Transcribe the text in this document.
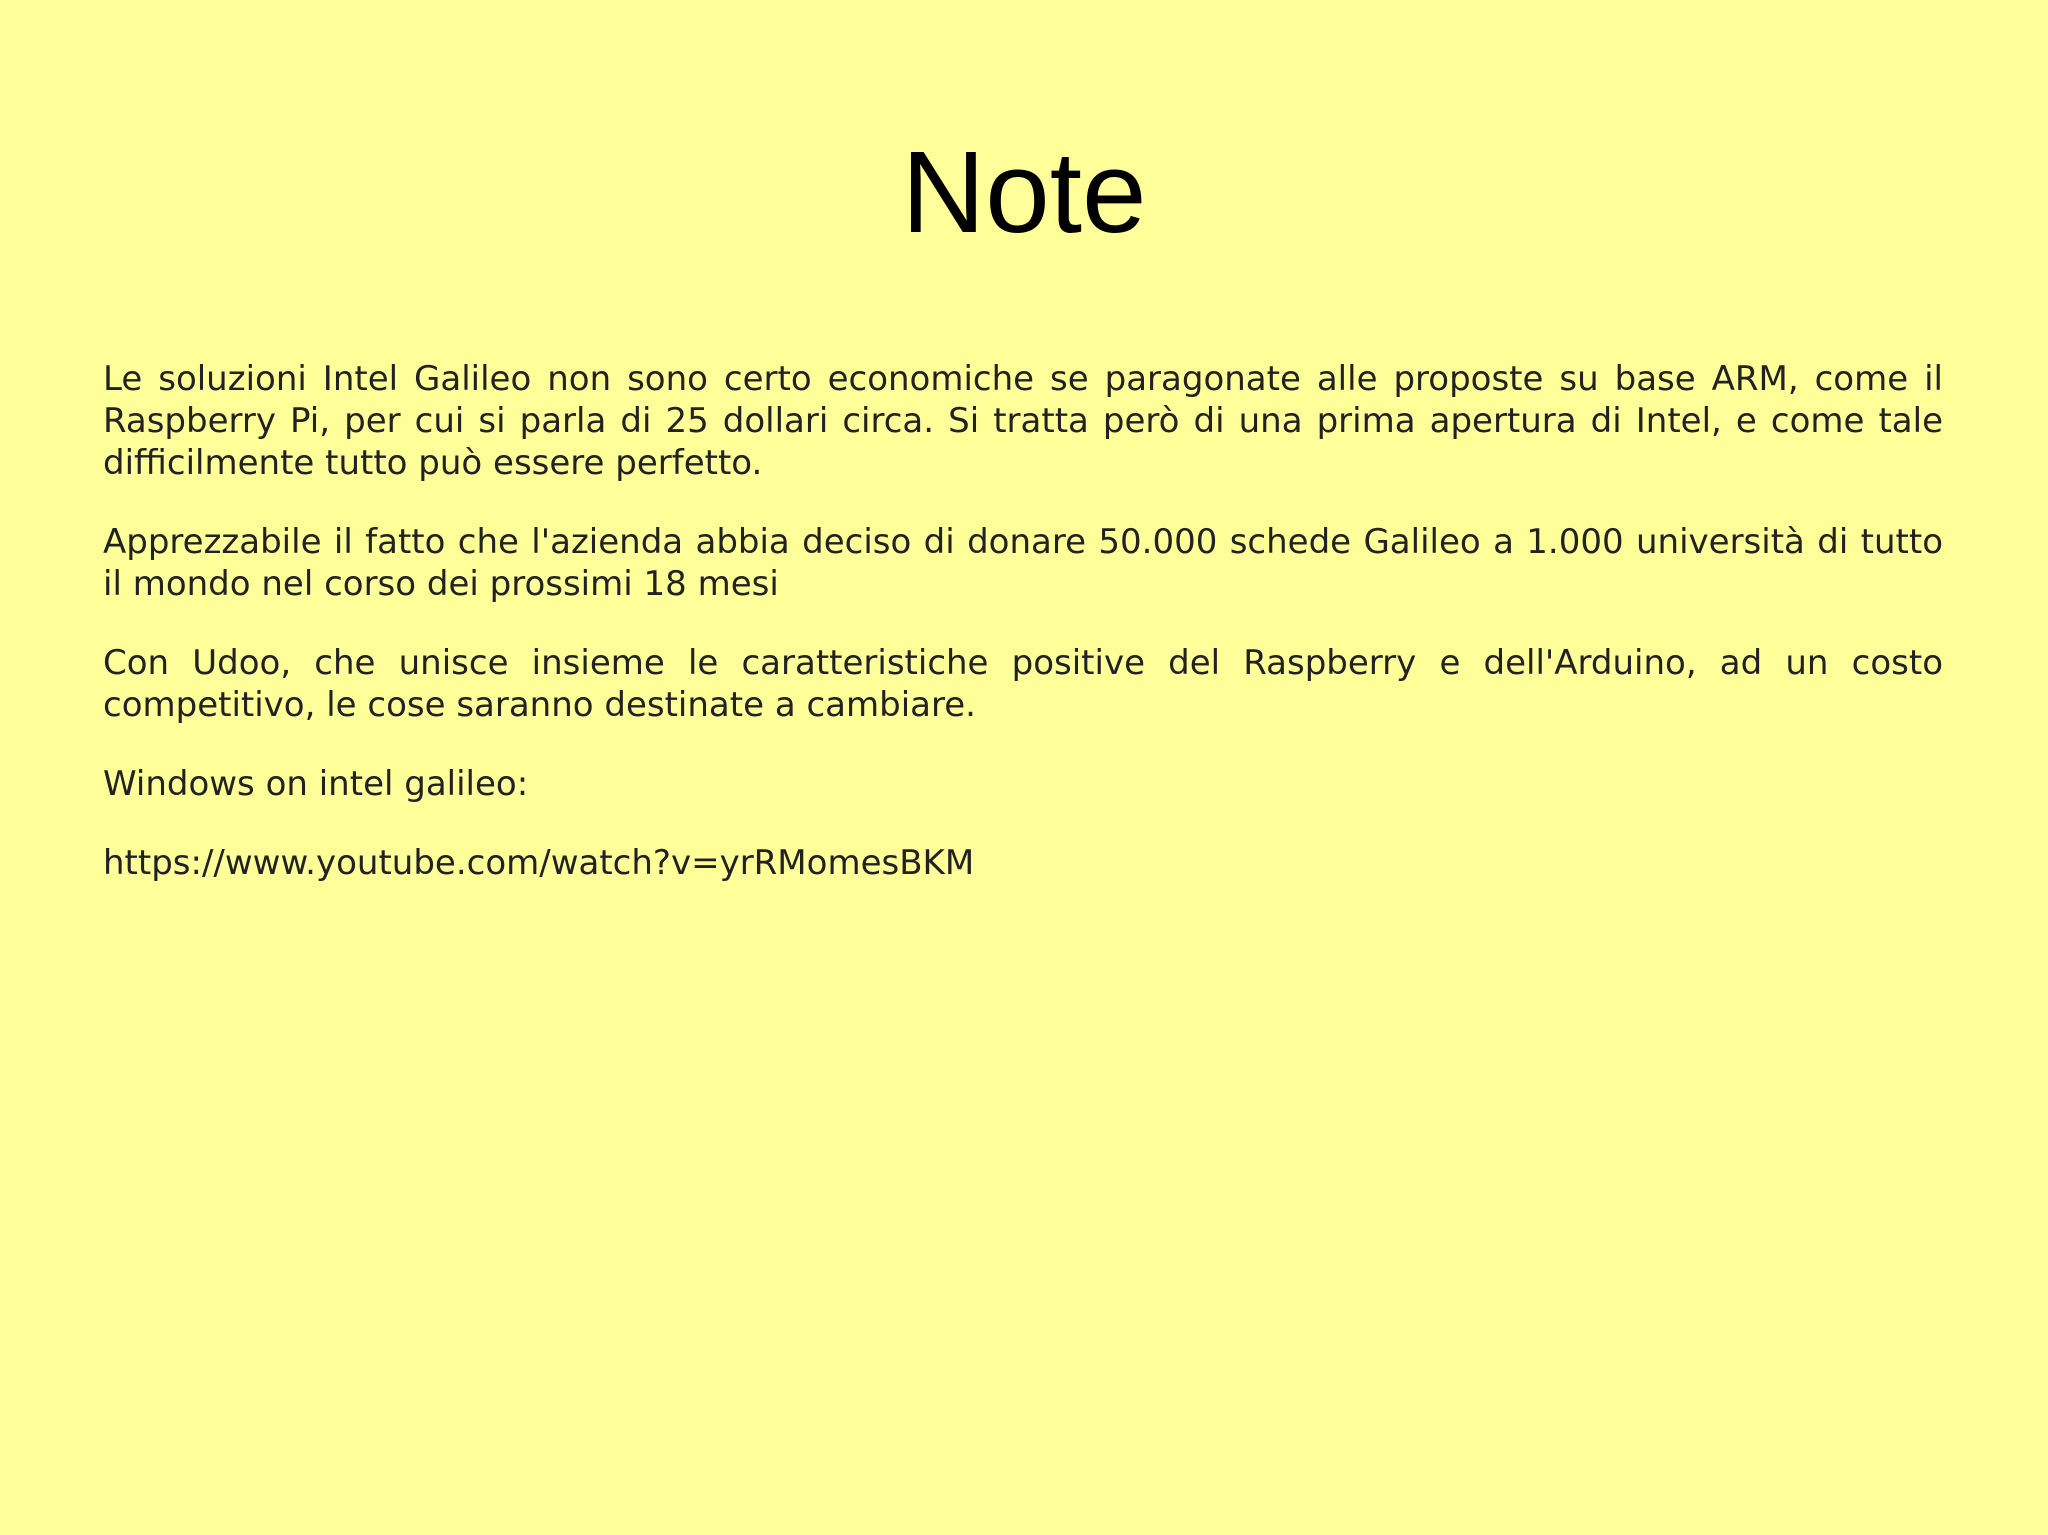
Note

Le soluzioni Intel Galileo non sono certo economiche se paragonate alle proposte su base ARM, come il Raspberry Pi, per cui si parla di 25 dollari circa. Si tratta però di una prima apertura di Intel, e come tale difficilmente tutto può essere perfetto.

Apprezzabile il fatto che l'azienda abbia deciso di donare 50.000 schede Galileo a 1.000 università di tutto il mondo nel corso dei prossimi 18 mesi

Con Udoo, che unisce insieme le caratteristiche positive del Raspberry e dell'Arduino, ad un costo competitivo, le cose saranno destinate a cambiare.

Windows on intel galileo:

https://www.youtube.com/watch?v=yrRMomesBKM
